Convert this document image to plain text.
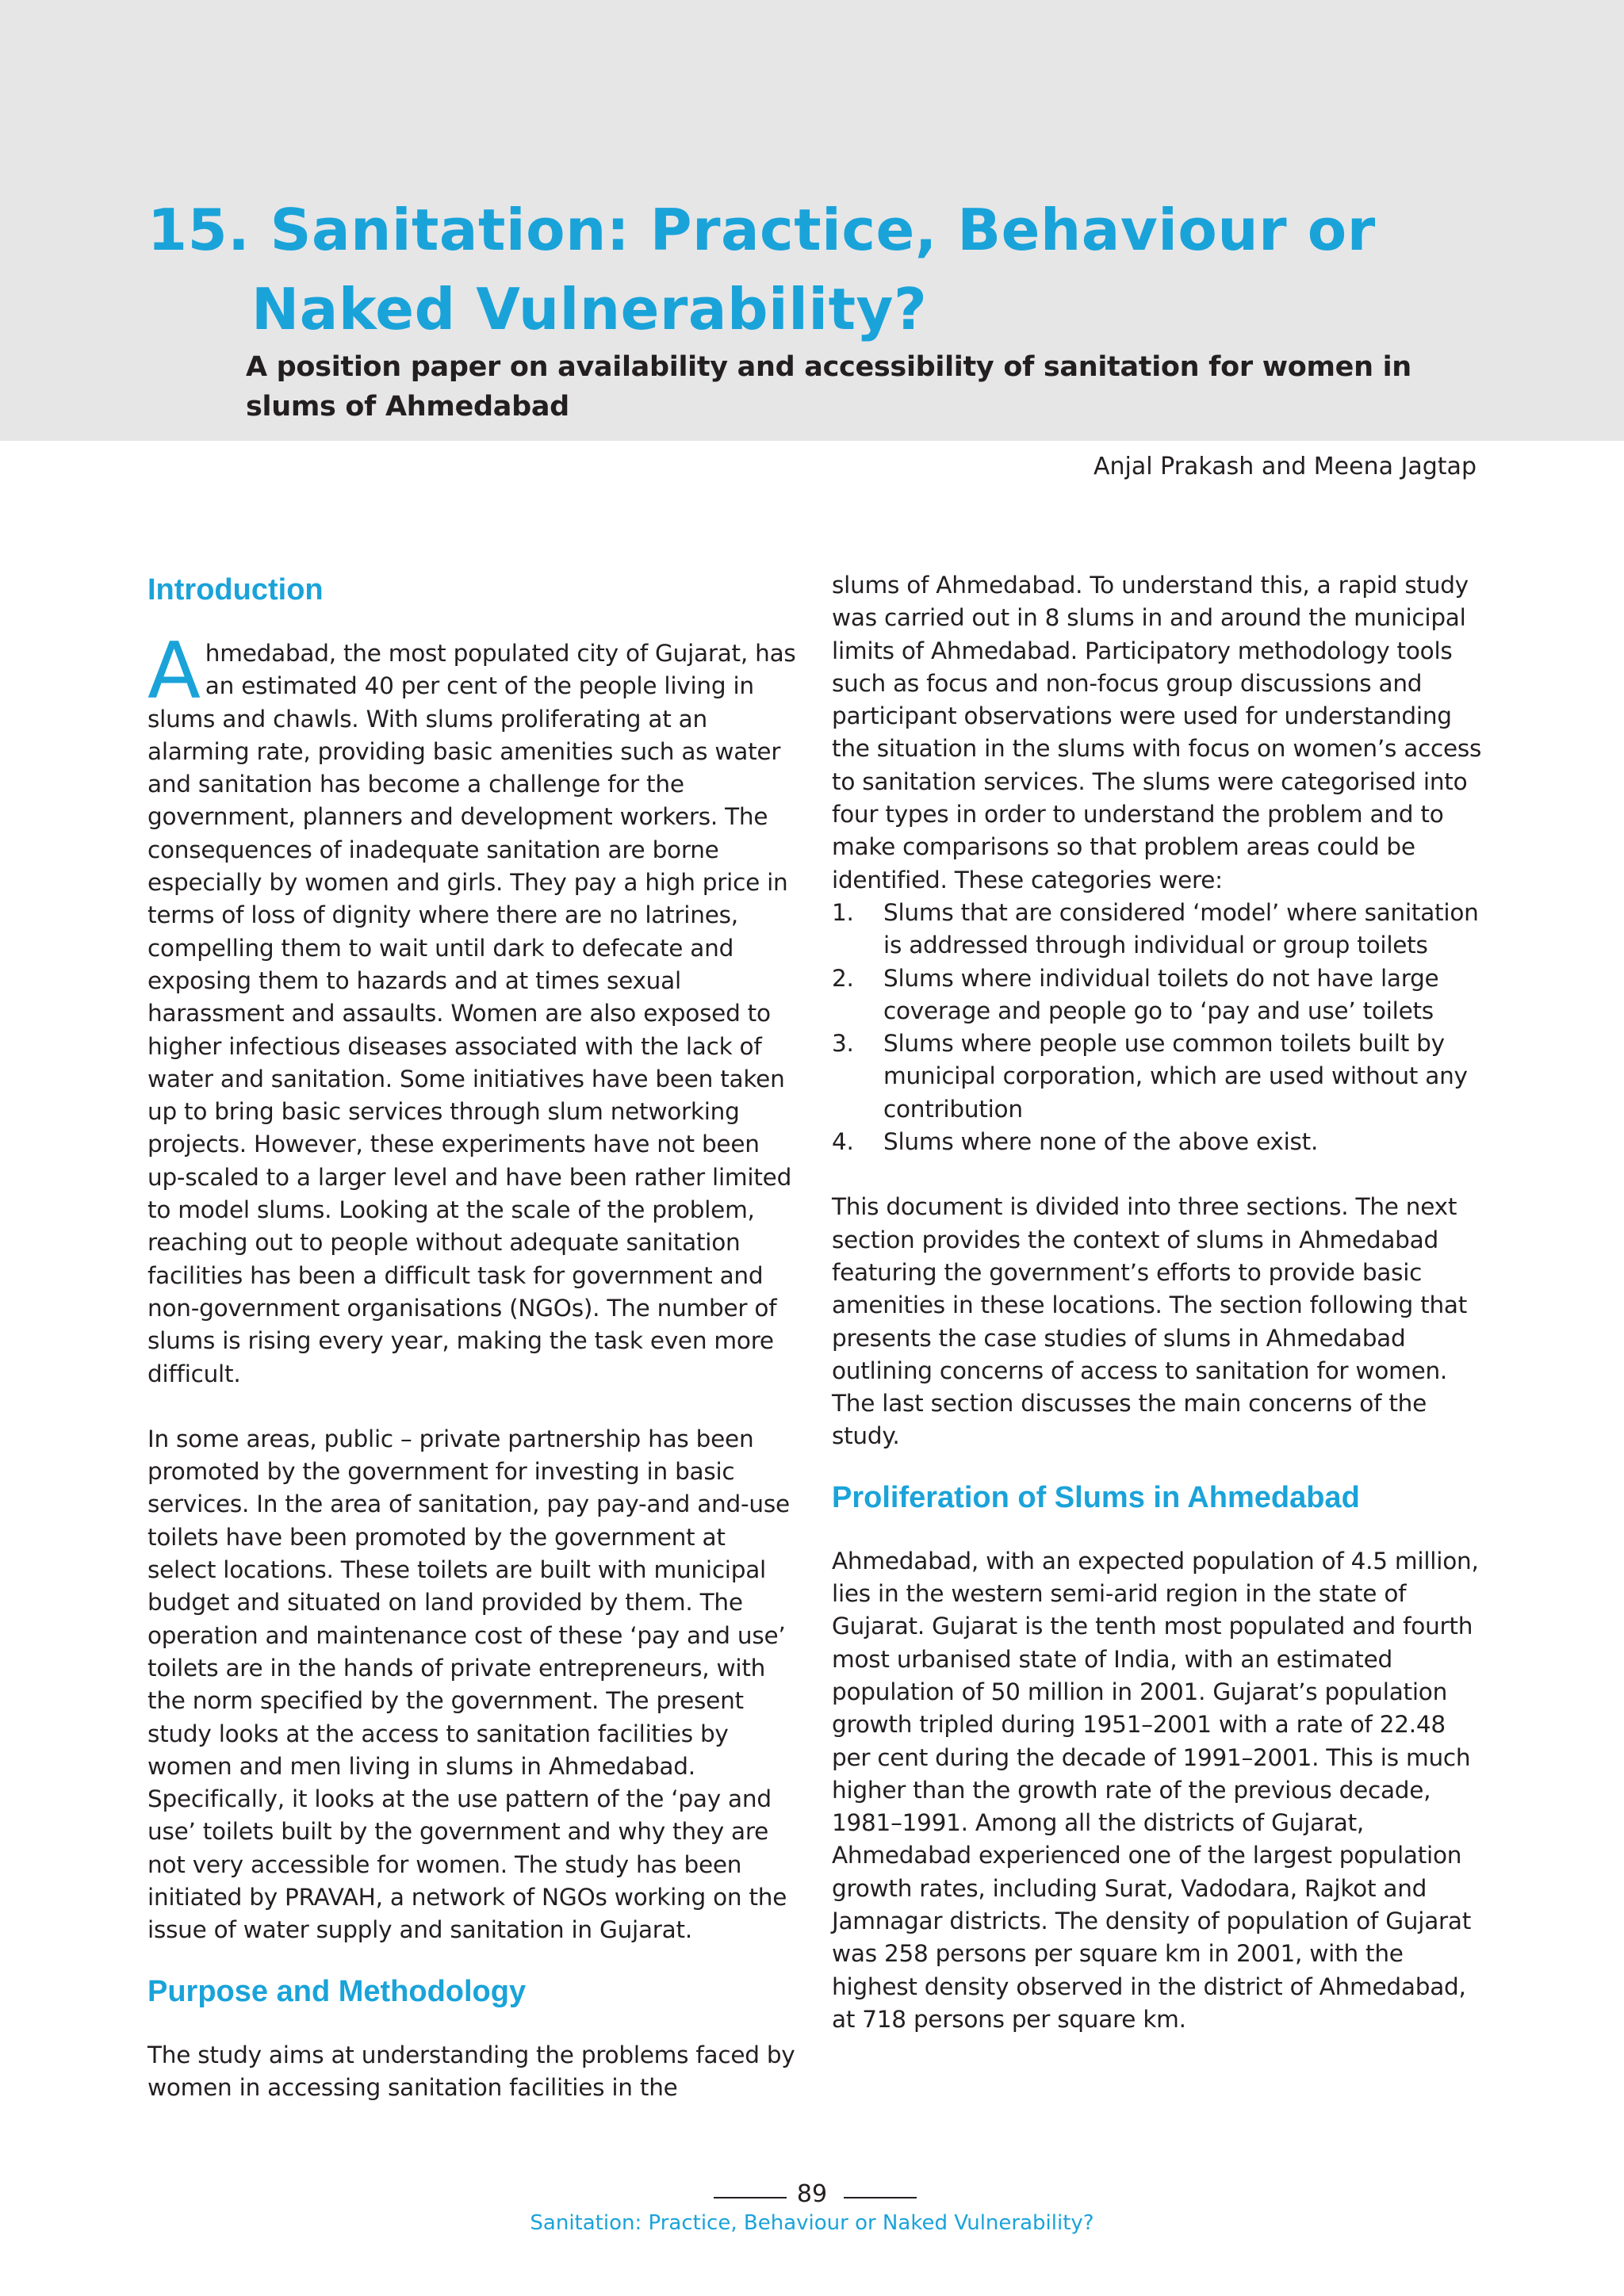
15. Sanitation: Practice, Behaviour or Naked Vulnerability?

A position paper on availability and accessibility of sanitation for women in slums of Ahmedabad

Anjal Prakash and Meena Jagtap

Introduction

Ahmedabad, the most populated city of Gujarat, has an estimated 40 per cent of the people living in slums and chawls. With slums proliferating at an alarming rate, providing basic amenities such as water and sanitation has become a challenge for the government, planners and development workers. The consequences of inadequate sanitation are borne especially by women and girls. They pay a high price in terms of loss of dignity where there are no latrines, compelling them to wait until dark to defecate and exposing them to hazards and at times sexual harassment and assaults. Women are also exposed to higher infectious diseases associated with the lack of water and sanitation. Some initiatives have been taken up to bring basic services through slum networking projects. However, these experiments have not been up-scaled to a larger level and have been rather limited to model slums. Looking at the scale of the problem, reaching out to people without adequate sanitation facilities has been a difficult task for government and non-government organisations (NGOs). The number of slums is rising every year, making the task even more difficult.

In some areas, public – private partnership has been promoted by the government for investing in basic services. In the area of sanitation, pay pay-and and-use toilets have been promoted by the government at select locations. These toilets are built with municipal budget and situated on land provided by them. The operation and maintenance cost of these ‘pay and use’ toilets are in the hands of private entrepreneurs, with the norm specified by the government. The present study looks at the access to sanitation facilities by women and men living in slums in Ahmedabad. Specifically, it looks at the use pattern of the ‘pay and use’ toilets built by the government and why they are not very accessible for women. The study has been initiated by PRAVAH, a network of NGOs working on the issue of water supply and sanitation in Gujarat.

Purpose and Methodology

The study aims at understanding the problems faced by women in accessing sanitation facilities in the

slums of Ahmedabad. To understand this, a rapid study was carried out in 8 slums in and around the municipal limits of Ahmedabad. Participatory methodology tools such as focus and non-focus group discussions and participant observations were used for understanding the situation in the slums with focus on women’s access to sanitation services. The slums were categorised into four types in order to understand the problem and to make comparisons so that problem areas could be identified. These categories were:

1. Slums that are considered ‘model’ where sanitation is addressed through individual or group toilets
2. Slums where individual toilets do not have large coverage and people go to ‘pay and use’ toilets
3. Slums where people use common toilets built by municipal corporation, which are used without any contribution
4. Slums where none of the above exist.

This document is divided into three sections. The next section provides the context of slums in Ahmedabad featuring the government’s efforts to provide basic amenities in these locations. The section following that presents the case studies of slums in Ahmedabad outlining concerns of access to sanitation for women. The last section discusses the main concerns of the study.

Proliferation of Slums in Ahmedabad

Ahmedabad, with an expected population of 4.5 million, lies in the western semi-arid region in the state of Gujarat. Gujarat is the tenth most populated and fourth most urbanised state of India, with an estimated population of 50 million in 2001. Gujarat’s population growth tripled during 1951–2001 with a rate of 22.48 per cent during the decade of 1991–2001. This is much higher than the growth rate of the previous decade, 1981–1991. Among all the districts of Gujarat, Ahmedabad experienced one of the largest population growth rates, including Surat, Vadodara, Rajkot and Jamnagar districts. The density of population of Gujarat was 258 persons per square km in 2001, with the highest density observed in the district of Ahmedabad, at 718 persons per square km.

89
Sanitation: Practice, Behaviour or Naked Vulnerability?
